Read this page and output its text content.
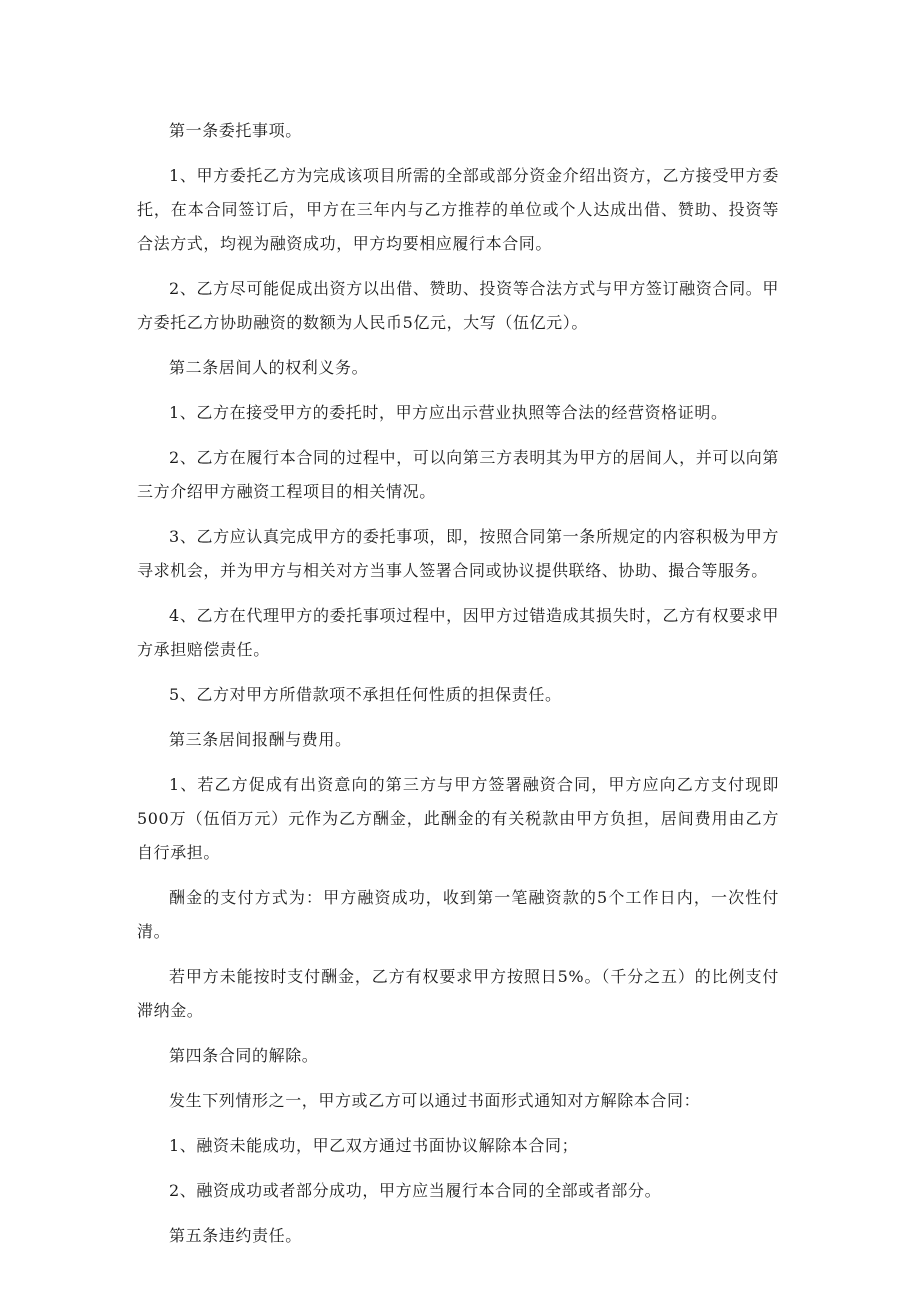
第一条委托事项。

1、甲方委托乙方为完成该项目所需的全部或部分资金介绍出资方，乙方接受甲方委托，在本合同签订后，甲方在三年内与乙方推荐的单位或个人达成出借、赞助、投资等合法方式，均视为融资成功，甲方均要相应履行本合同。

2、乙方尽可能促成出资方以出借、赞助、投资等合法方式与甲方签订融资合同。甲方委托乙方协助融资的数额为人民币5亿元，大写（伍亿元）。

第二条居间人的权利义务。

1、乙方在接受甲方的委托时，甲方应出示营业执照等合法的经营资格证明。

2、乙方在履行本合同的过程中，可以向第三方表明其为甲方的居间人，并可以向第三方介绍甲方融资工程项目的相关情况。

3、乙方应认真完成甲方的委托事项，即，按照合同第一条所规定的内容积极为甲方寻求机会，并为甲方与相关对方当事人签署合同或协议提供联络、协助、撮合等服务。

4、乙方在代理甲方的委托事项过程中，因甲方过错造成其损失时，乙方有权要求甲方承担赔偿责任。

5、乙方对甲方所借款项不承担任何性质的担保责任。

第三条居间报酬与费用。

1、若乙方促成有出资意向的第三方与甲方签署融资合同，甲方应向乙方支付现即500万（伍佰万元）元作为乙方酬金，此酬金的有关税款由甲方负担，居间费用由乙方自行承担。

酬金的支付方式为：甲方融资成功，收到第一笔融资款的5个工作日内，一次性付清。

若甲方未能按时支付酬金，乙方有权要求甲方按照日5%。（千分之五）的比例支付滞纳金。

第四条合同的解除。

发生下列情形之一，甲方或乙方可以通过书面形式通知对方解除本合同：

1、融资未能成功，甲乙双方通过书面协议解除本合同；

2、融资成功或者部分成功，甲方应当履行本合同的全部或者部分。

第五条违约责任。
